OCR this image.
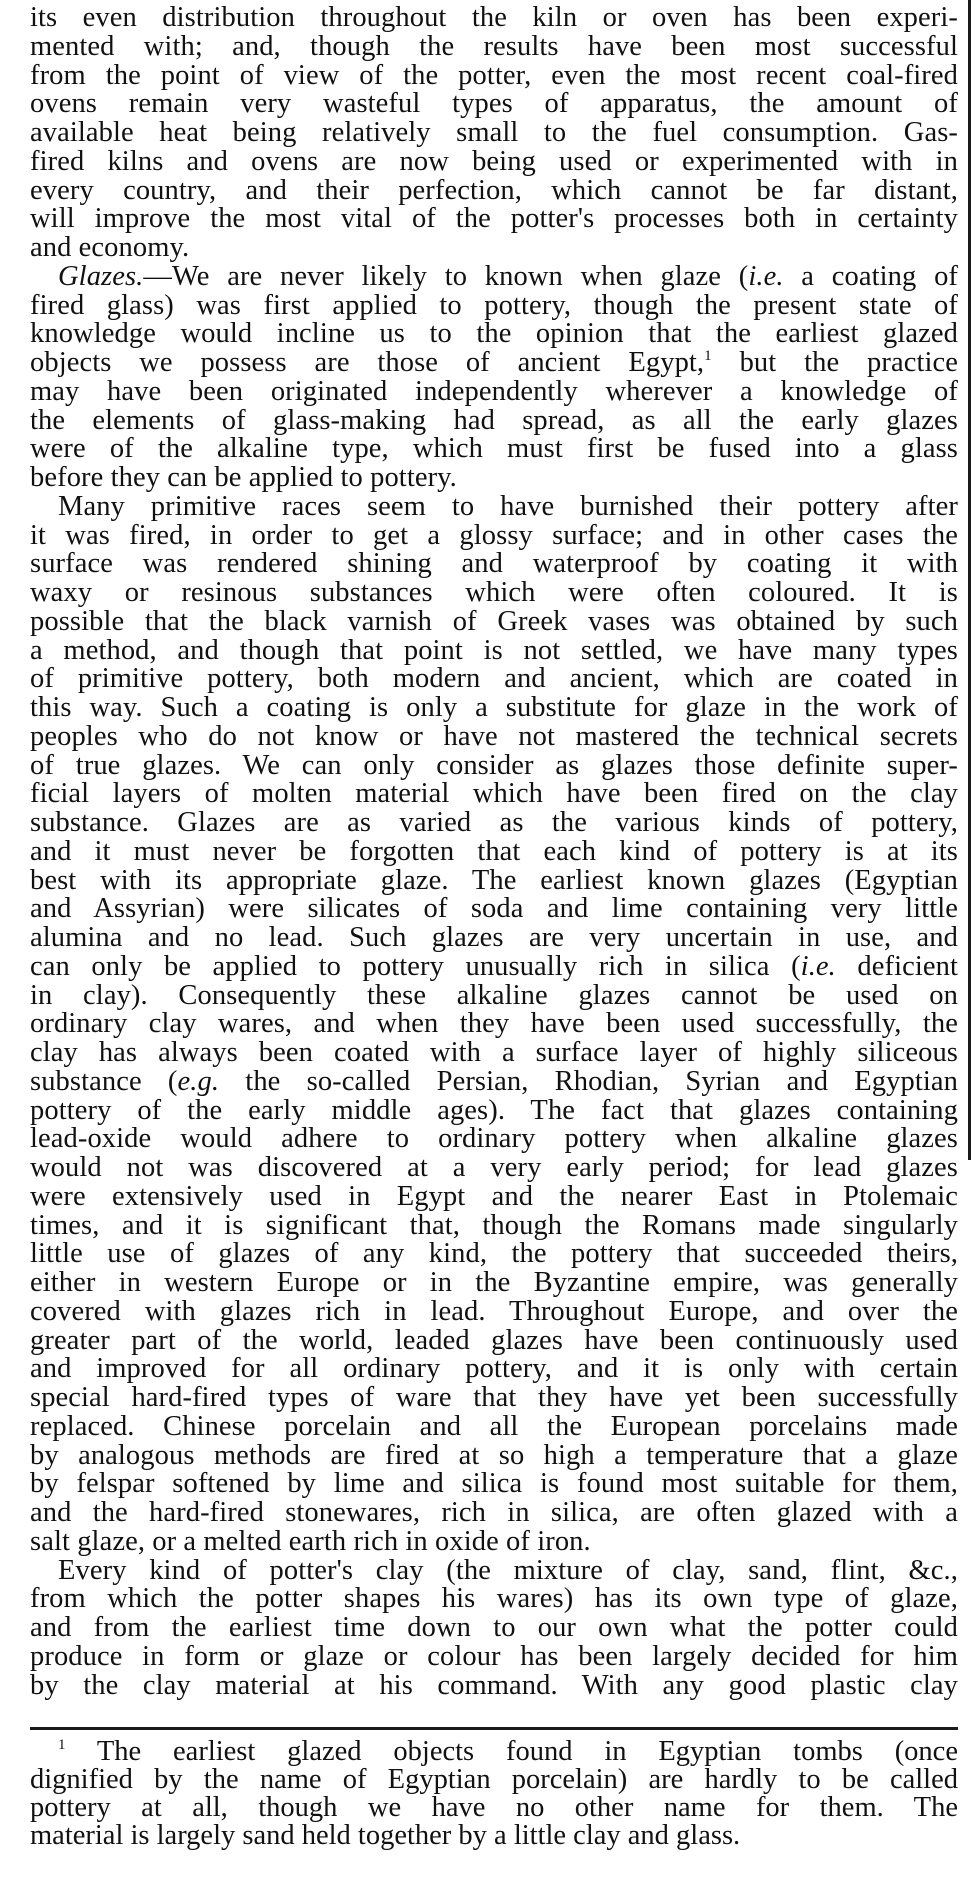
its even distribution throughout the kiln or oven has been experi-
mented with; and, though the results have been most successful
from the point of view of the potter, even the most recent coal-fired
ovens remain very wasteful types of apparatus, the amount of
available heat being relatively small to the fuel consumption. Gas-
fired kilns and ovens are now being used or experimented with in
every country, and their perfection, which cannot be far distant,
will improve the most vital of the potter's processes both in certainty
and economy.
Glazes.—We are never likely to known when glaze (i.e. a coating of
fired glass) was first applied to pottery, though the present state of
knowledge would incline us to the opinion that the earliest glazed
objects we possess are those of ancient Egypt,$^1$ but the practice
may have been originated independently wherever a knowledge of
the elements of glass-making had spread, as all the early glazes
were of the alkaline type, which must first be fused into a glass
before they can be applied to pottery.
Many primitive races seem to have burnished their pottery after
it was fired, in order to get a glossy surface; and in other cases the
surface was rendered shining and waterproof by coating it with
waxy or resinous substances which were often coloured. It is
possible that the black varnish of Greek vases was obtained by such
a method, and though that point is not settled, we have many types
of primitive pottery, both modern and ancient, which are coated in
this way. Such a coating is only a substitute for glaze in the work of
peoples who do not know or have not mastered the technical secrets
of true glazes. We can only consider as glazes those definite super-
ficial layers of molten material which have been fired on the clay
substance. Glazes are as varied as the various kinds of pottery,
and it must never be forgotten that each kind of pottery is at its
best with its appropriate glaze. The earliest known glazes (Egyptian
and Assyrian) were silicates of soda and lime containing very little
alumina and no lead. Such glazes are very uncertain in use, and
can only be applied to pottery unusually rich in silica (i.e. deficient
in clay). Consequently these alkaline glazes cannot be used on
ordinary clay wares, and when they have been used successfully, the
clay has always been coated with a surface layer of highly siliceous
substance (e.g. the so-called Persian, Rhodian, Syrian and Egyptian
pottery of the early middle ages). The fact that glazes containing
lead-oxide would adhere to ordinary pottery when alkaline glazes
would not was discovered at a very early period; for lead glazes
were extensively used in Egypt and the nearer East in Ptolemaic
times, and it is significant that, though the Romans made singularly
little use of glazes of any kind, the pottery that succeeded theirs,
either in western Europe or in the Byzantine empire, was generally
covered with glazes rich in lead. Throughout Europe, and over the
greater part of the world, leaded glazes have been continuously used
and improved for all ordinary pottery, and it is only with certain
special hard-fired types of ware that they have yet been successfully
replaced. Chinese porcelain and all the European porcelains made
by analogous methods are fired at so high a temperature that a glaze
by felspar softened by lime and silica is found most suitable for them,
and the hard-fired stonewares, rich in silica, are often glazed with a
salt glaze, or a melted earth rich in oxide of iron.
Every kind of potter's clay (the mixture of clay, sand, flint, &c.,
from which the potter shapes his wares) has its own type of glaze,
and from the earliest time down to our own what the potter could
produce in form or glaze or colour has been largely decided for him
by the clay material at his command. With any good plastic clay
$^1$ The earliest glazed objects found in Egyptian tombs (once
dignified by the name of Egyptian porcelain) are hardly to be called
pottery at all, though we have no other name for them. The
material is largely sand held together by a little clay and glass.
